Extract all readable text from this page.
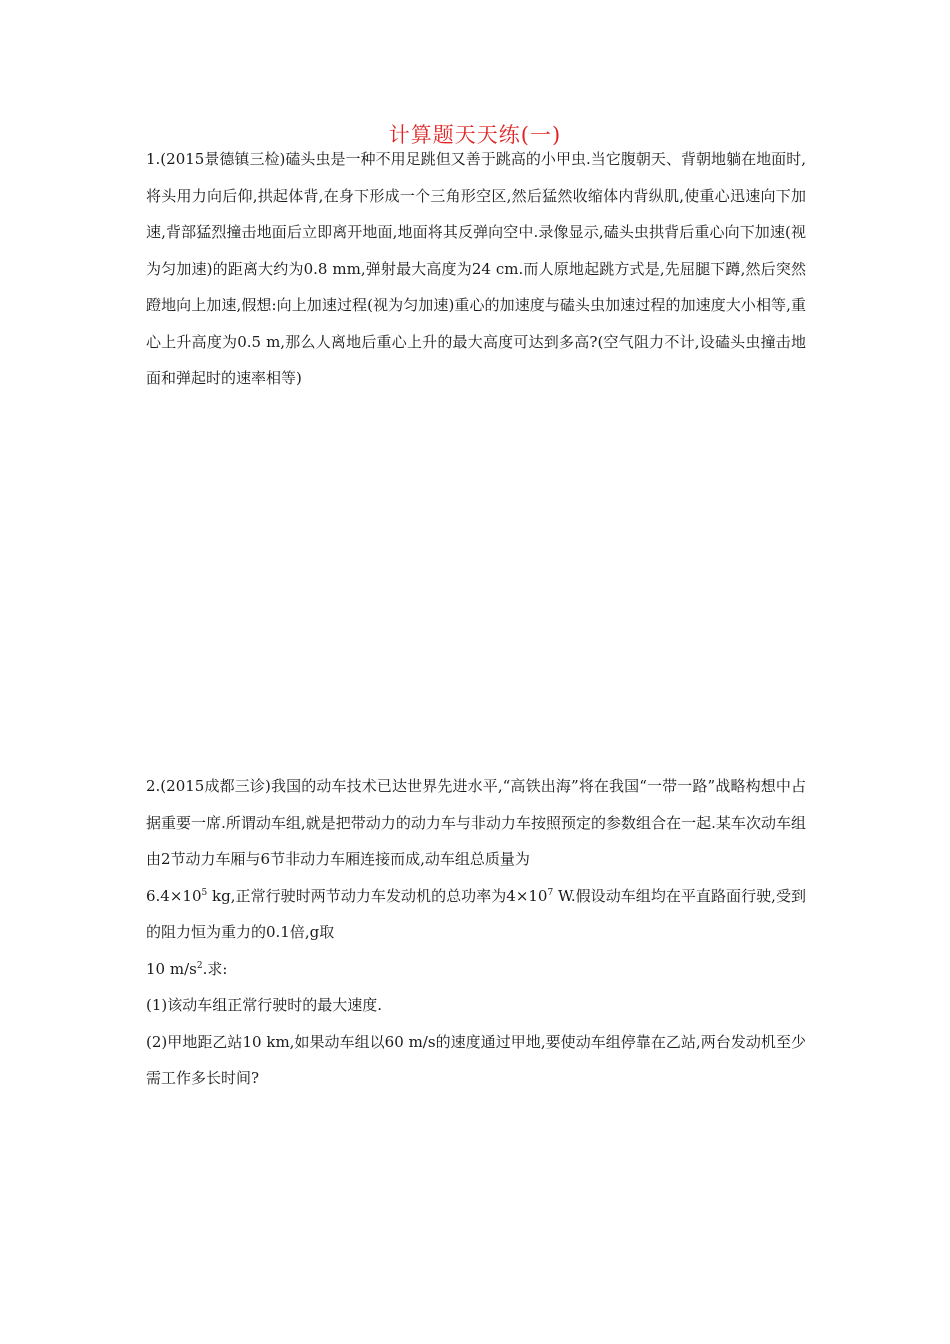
计算题天天练(一)

1.(2015景德镇三检)磕头虫是一种不用足跳但又善于跳高的小甲虫.当它腹朝天、背朝地躺在地面时,将头用力向后仰,拱起体背,在身下形成一个三角形空区,然后猛然收缩体内背纵肌,使重心迅速向下加速,背部猛烈撞击地面后立即离开地面,地面将其反弹向空中.录像显示,磕头虫拱背后重心向下加速(视为匀加速)的距离大约为0.8 mm,弹射最大高度为24 cm.而人原地起跳方式是,先屈腿下蹲,然后突然蹬地向上加速,假想:向上加速过程(视为匀加速)重心的加速度与磕头虫加速过程的加速度大小相等,重心上升高度为0.5 m,那么人离地后重心上升的最大高度可达到多高?(空气阻力不计,设磕头虫撞击地面和弹起时的速率相等)

2.(2015成都三诊)我国的动车技术已达世界先进水平,“高铁出海”将在我国“一带一路”战略构想中占据重要一席.所谓动车组,就是把带动力的动力车与非动力车按照预定的参数组合在一起.某车次动车组由2节动力车厢与6节非动力车厢连接而成,动车组总质量为

$6.4\times 10^5$ kg,正常行驶时两节动力车发动机的总功率为$4\times 10^7$ W.假设动车组均在平直路面行驶,受到的阻力恒为重力的0.1倍,g取

10 $m/s^2$.求:

(1)该动车组正常行驶时的最大速度.

(2)甲地距乙站10 km,如果动车组以60 m/s的速度通过甲地,要使动车组停靠在乙站,两台发动机至少需工作多长时间?
